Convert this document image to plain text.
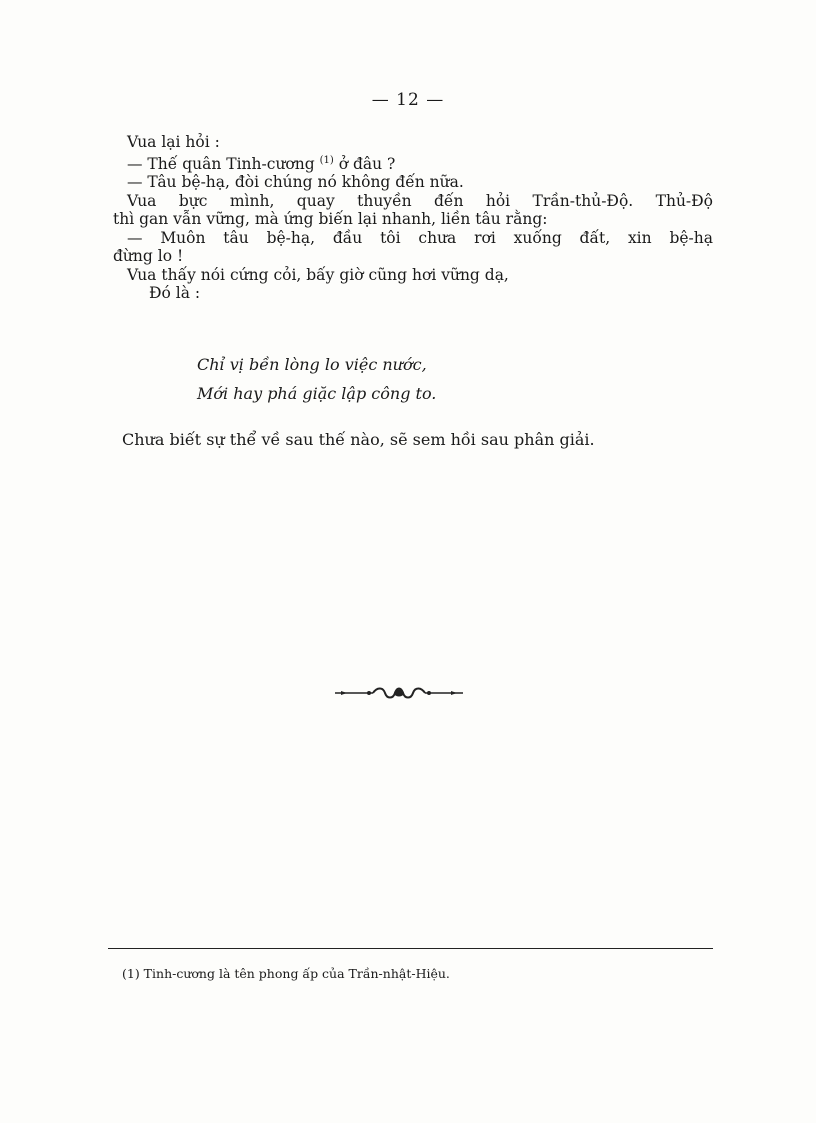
— 12 —
Vua lại hỏi :
— Thế quân Tinh-cương $^{(1)}$ ở đâu ?
— Tâu bệ-hạ, đòi chúng nó không đến nữa.
Vua bực mình, quay thuyền đến hỏi Trần-thủ-Độ. Thủ-Độ
thì gan vẫn vững, mà ứng biến lại nhanh, liền tâu rằng:
— Muôn tâu bệ-hạ, đầu tôi chưa rơi xuống đất, xin bệ-hạ
đừng lo !
Vua thấy nói cứng cỏi, bấy giờ cũng hơi vững dạ,
Đó là :
Chỉ vị bền lòng lo việc nước,
Mới hay phá giặc lập công to.
Chưa biết sự thể về sau thế nào, sẽ sem hồi sau phân giải.
(1) Tinh-cương là tên phong ấp của Trần-nhật-Hiệu.
